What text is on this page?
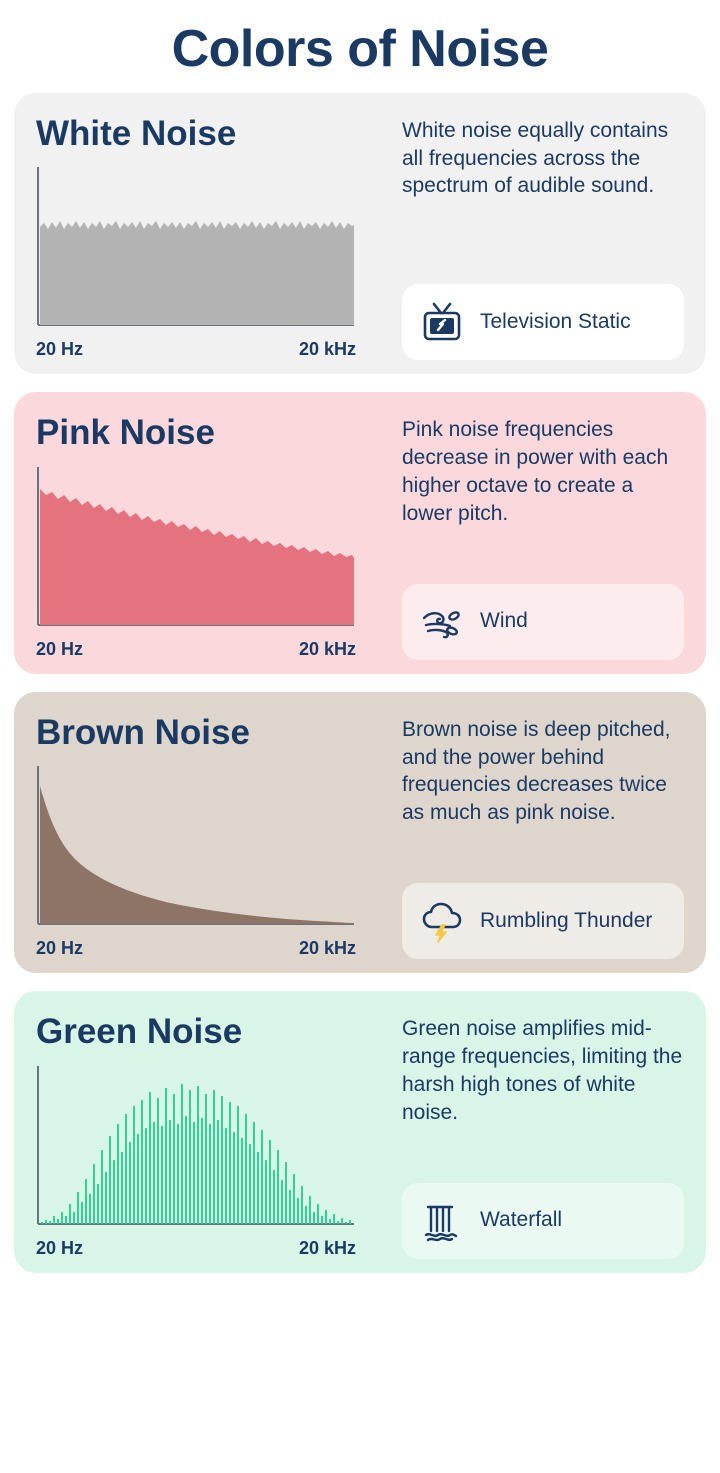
Colors of Noise
White Noise
20 Hz	20 kHz
White noise equally contains all frequencies across the spectrum of audible sound.
Television Static
Pink Noise
20 Hz	20 kHz
Pink noise frequencies decrease in power with each higher octave to create a lower pitch.
Wind
Brown Noise
20 Hz	20 kHz
Brown noise is deep pitched, and the power behind frequencies decreases twice as much as pink noise.
Rumbling Thunder
Green Noise
20 Hz	20 kHz
Green noise amplifies mid-range frequencies, limiting the harsh high tones of white noise.
Waterfall
